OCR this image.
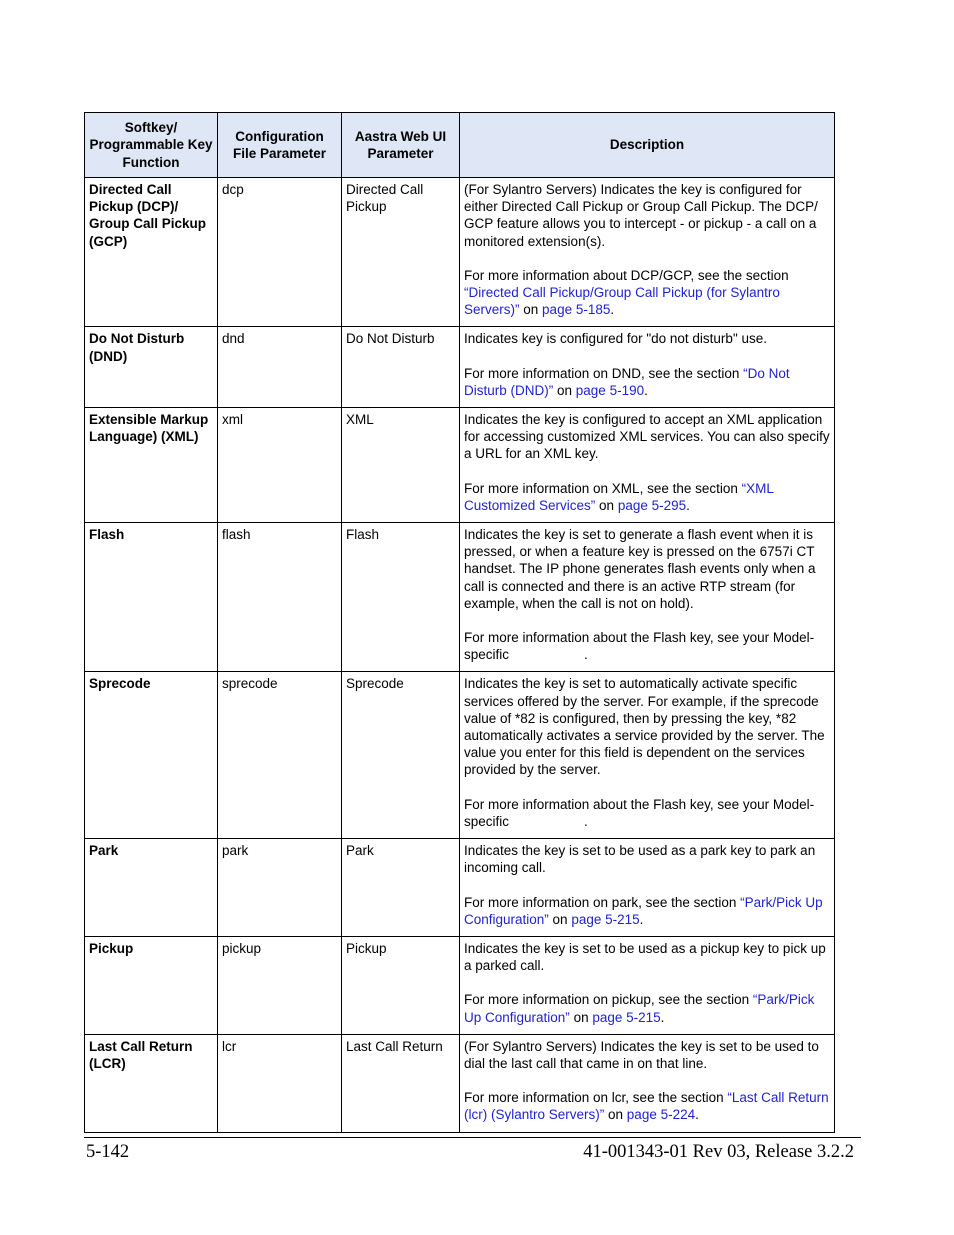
Softkey/ Programmable Key Function	Configuration File Parameter	Aastra Web UI Parameter	Description
Directed Call Pickup (DCP)/ Group Call Pickup (GCP)	dcp	Directed Call Pickup	(For Sylantro Servers) Indicates the key is configured for either Directed Call Pickup or Group Call Pickup. The DCP/ GCP feature allows you to intercept - or pickup - a call on a monitored extension(s).
For more information about DCP/GCP, see the section “Directed Call Pickup/Group Call Pickup (for Sylantro Servers)” on page 5-185.

Do Not Disturb (DND)	dnd	Do Not Disturb	Indicates key is configured for "do not disturb" use.
For more information on DND, see the section “Do Not Disturb (DND)” on page 5-190.

Extensible Markup Language) (XML)	xml	XML	Indicates the key is configured to accept an XML application for accessing customized XML services. You can also specify a URL for an XML key.
For more information on XML, see the section “XML Customized Services” on page 5-295.

Flash	flash	Flash	Indicates the key is set to generate a flash event when it is pressed, or when a feature key is pressed on the 6757i CT handset. The IP phone generates flash events only when a call is connected and there is an active RTP stream (for example, when the call is not on hold).
For more information about the Flash key, see your Model-specific                    .

Sprecode	sprecode	Sprecode	Indicates the key is set to automatically activate specific services offered by the server. For example, if the sprecode value of *82 is configured, then by pressing the key, *82 automatically activates a service provided by the server. The value you enter for this field is dependent on the services provided by the server.
For more information about the Flash key, see your Model-specific                    .

Park	park	Park	Indicates the key is set to be used as a park key to park an incoming call.
For more information on park, see the section “Park/Pick Up Configuration” on page 5-215.

Pickup	pickup	Pickup	Indicates the key is set to be used as a pickup key to pick up a parked call.
For more information on pickup, see the section “Park/Pick Up Configuration” on page 5-215.

Last Call Return (LCR)	lcr	Last Call Return	(For Sylantro Servers) Indicates the key is set to be used to dial the last call that came in on that line.
For more information on lcr, see the section “Last Call Return (lcr) (Sylantro Servers)” on page 5-224.
5-142	41-001343-01 Rev 03, Release 3.2.2
